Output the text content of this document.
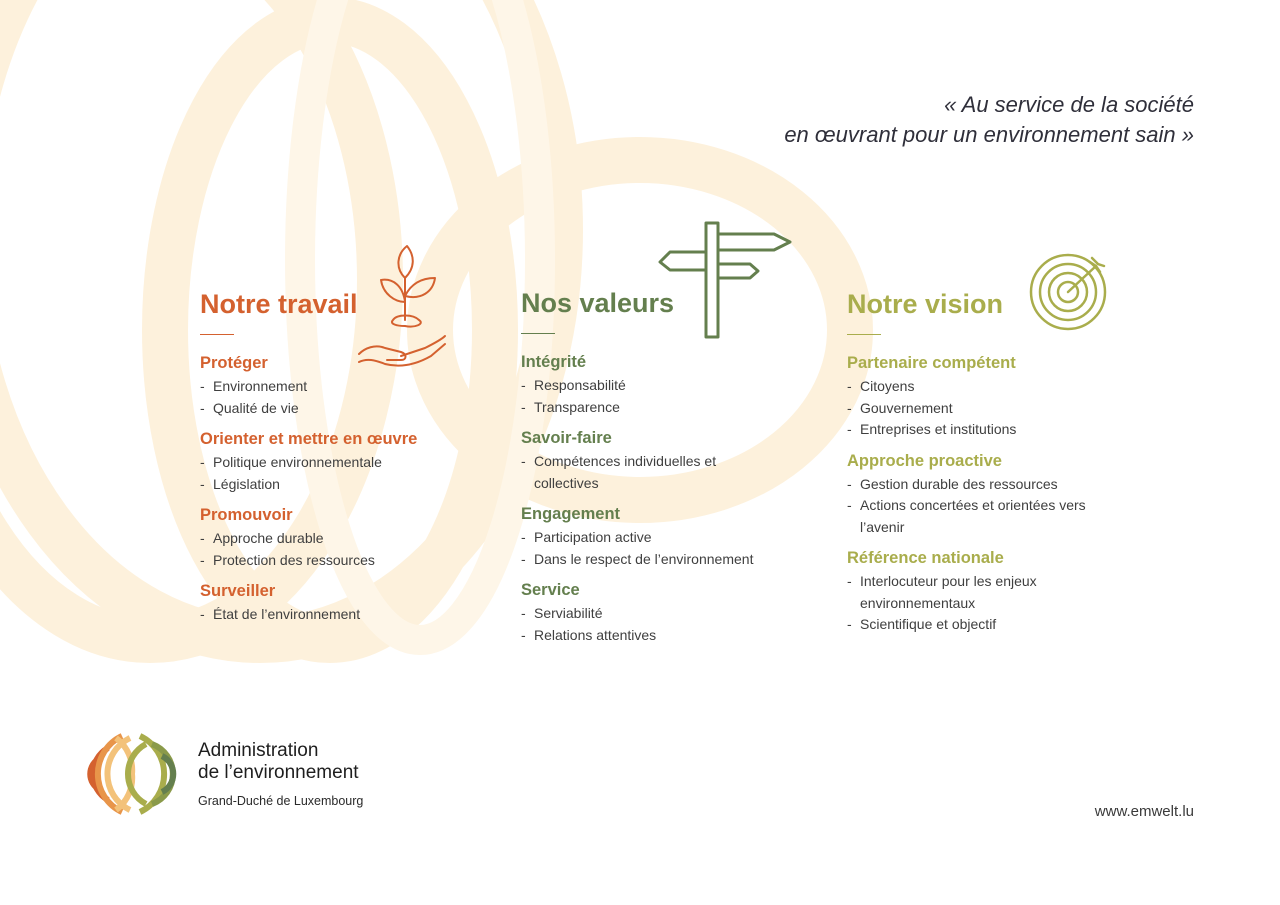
« Au service de la société
en œuvrant pour un environnement sain »
Notre travail
Protéger
- Environnement
- Qualité de vie
Orienter et mettre en œuvre
- Politique environnementale
- Législation
Promouvoir
- Approche durable
- Protection des ressources
Surveiller
- État de l’environnement
Nos valeurs
Intégrité
- Responsabilité
- Transparence
Savoir-faire
- Compétences individuelles et collectives
Engagement
- Participation active
- Dans le respect de l’environnement
Service
- Serviabilité
- Relations attentives
Notre vision
Partenaire compétent
- Citoyens
- Gouvernement
- Entreprises et institutions
Approche proactive
- Gestion durable des ressources
- Actions concertées et orientées vers l’avenir
Référence nationale
- Interlocuteur pour les enjeux environnementaux
- Scientifique et objectif
Administration
de l’environnement
Grand-Duché de Luxembourg
www.emwelt.lu
